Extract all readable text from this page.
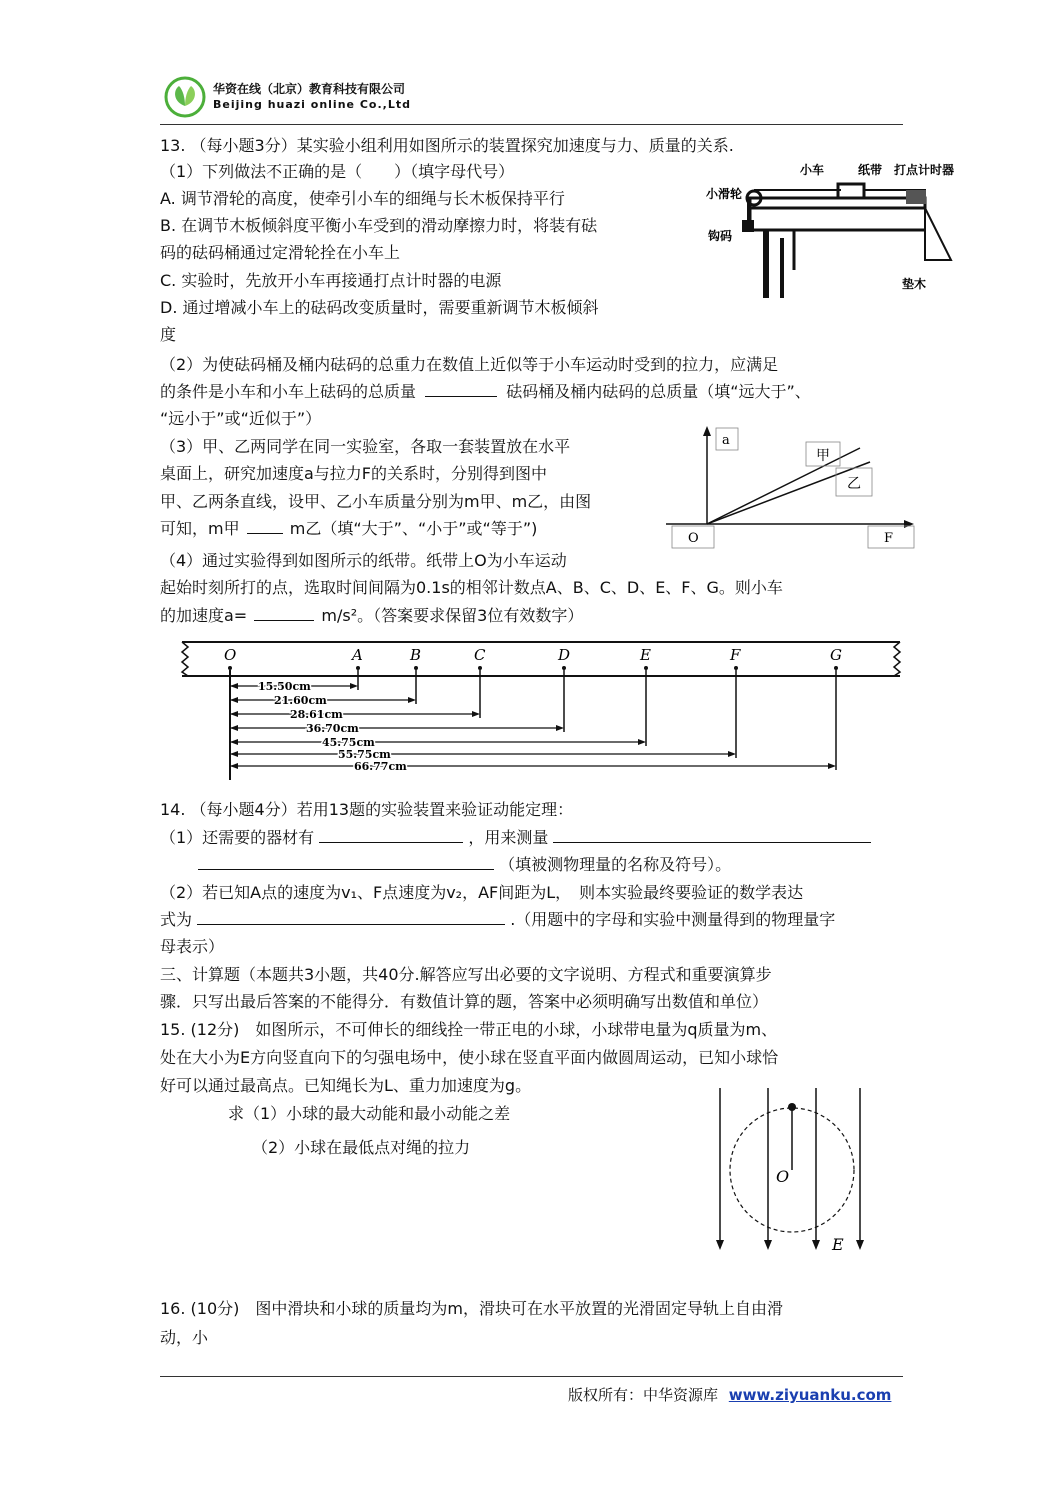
华资在线（北京）教育科技有限公司
Beijing huazi online Co.,Ltd
13. （每小题3分）某实验小组利用如图所示的装置探究加速度与力、质量的关系.
（1）下列做法不正确的是（　　）（填字母代号）
A. 调节滑轮的高度，使牵引小车的细绳与长木板保持平行
B. 在调节木板倾斜度平衡小车受到的滑动摩擦力时，将装有砝
码的砝码桶通过定滑轮拴在小车上
C. 实验时，先放开小车再接通打点计时器的电源
D. 通过增减小车上的砝码改变质量时，需要重新调节木板倾斜
度
小滑轮
小车	纸带 打点计时器
钩码
垫木
（2）为使砝码桶及桶内砝码的总重力在数值上近似等于小车运动时受到的拉力，应满足
的条件是小车和小车上砝码的总质量	砝码桶及桶内砝码的总质量（填“远大于”、
“远小于”或“近似于”）
（3）甲、乙两同学在同一实验室，各取一套装置放在水平
桌面上，研究加速度a与拉力F的关系时，分别得到图中
甲、乙两条直线，设甲、乙小车质量分别为m甲、m乙，由图
可知，m甲	m乙（填“大于”、“小于”或“等于”)
a
甲
乙
O	F
（4）通过实验得到如图所示的纸带。纸带上O为小车运动
起始时刻所打的点，选取时间间隔为0.1s的相邻计数点A、B、C、D、E、F、G。则小车
的加速度a=	m/s²。（答案要求保留3位有效数字）
O	A	B	C	D	E	F	G
15.50cm
21.60cm
28.61cm
36.70cm
45.75cm
55.75cm
66.77cm
14. （每小题4分）若用13题的实验装置来验证动能定理：
（1）还需要的器材有	，用来测量
（填被测物理量的名称及符号）。
（2）若已知A点的速度为v₁、F点速度为v₂，AF间距为L，　则本实验最终要验证的数学表达
式为	.（用题中的字母和实验中测量得到的物理量字
母表示）
三、计算题（本题共3小题，共40分.解答应写出必要的文字说明、方程式和重要演算步
骤．只写出最后答案的不能得分．有数值计算的题，答案中必须明确写出数值和单位）
15. (12分)　如图所示，不可伸长的细线拴一带正电的小球，小球带电量为q质量为m、
处在大小为E方向竖直向下的匀强电场中，使小球在竖直平面内做圆周运动，已知小球恰
好可以通过最高点。已知绳长为L、重力加速度为g。
求（1）小球的最大动能和最小动能之差
（2）小球在最低点对绳的拉力
O
E
16. (10分)　图中滑块和小球的质量均为m，滑块可在水平放置的光滑固定导轨上自由滑
动，小
版权所有：中华资源库 www.ziyuanku.com
